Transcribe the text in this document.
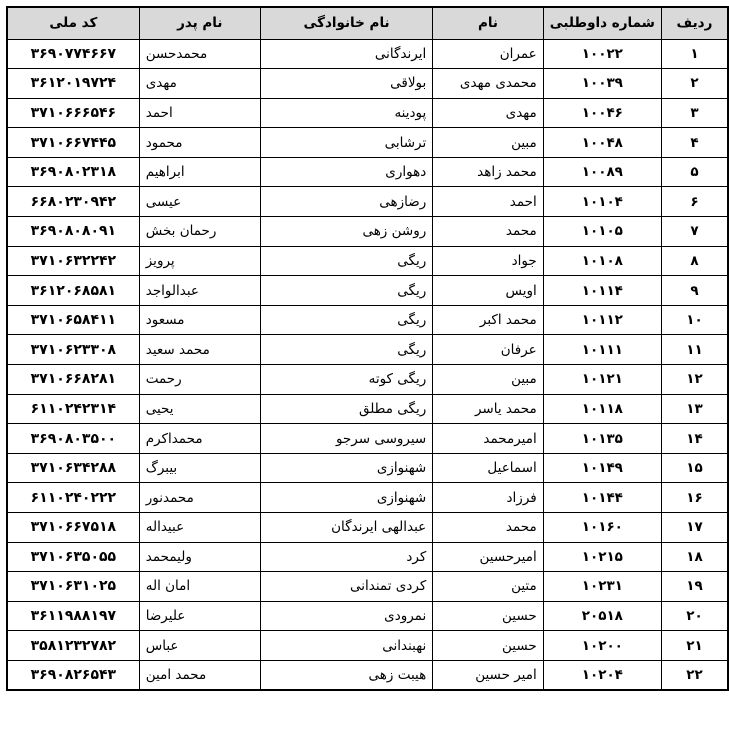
ردیف	شماره داوطلبی	نام	نام خانوادگی	نام پدر	کد ملی
۱	۱۰۰۲۲	عمران	ایرندگانی	محمدحسن	۳۶۹۰۷۷۴۶۶۷
۲	۱۰۰۳۹	محمدی مهدی	بولاقی	مهدی	۳۶۱۲۰۱۹۷۲۴
۳	۱۰۰۴۶	مهدی	پودینه	احمد	۳۷۱۰۶۶۶۵۴۶
۴	۱۰۰۴۸	مبین	ترشابی	محمود	۳۷۱۰۶۶۷۴۴۵
۵	۱۰۰۸۹	محمد زاهد	دهواری	ابراهیم	۳۶۹۰۸۰۲۳۱۸
۶	۱۰۱۰۴	احمد	رضازهی	عیسی	۶۶۸۰۲۳۰۹۴۲
۷	۱۰۱۰۵	محمد	روشن زهی	رحمان بخش	۳۶۹۰۸۰۸۰۹۱
۸	۱۰۱۰۸	جواد	ریگی	پرویز	۳۷۱۰۶۳۲۲۴۲
۹	۱۰۱۱۴	اویس	ریگی	عبدالواجد	۳۶۱۲۰۶۸۵۸۱
۱۰	۱۰۱۱۲	محمد اکبر	ریگی	مسعود	۳۷۱۰۶۵۸۴۱۱
۱۱	۱۰۱۱۱	عرفان	ریگی	محمد سعید	۳۷۱۰۶۲۳۳۰۸
۱۲	۱۰۱۲۱	مبین	ریگی کوته	رحمت	۳۷۱۰۶۶۸۲۸۱
۱۳	۱۰۱۱۸	محمد یاسر	ریگی مطلق	یحیی	۶۱۱۰۲۴۲۳۱۴
۱۴	۱۰۱۳۵	امیرمحمد	سیروسی سرجو	محمداکرم	۳۶۹۰۸۰۳۵۰۰
۱۵	۱۰۱۴۹	اسماعیل	شهنوازی	بیبرگ	۳۷۱۰۶۳۴۲۸۸
۱۶	۱۰۱۴۴	فرزاد	شهنوازی	محمدنور	۶۱۱۰۲۴۰۲۲۲
۱۷	۱۰۱۶۰	محمد	عبدالهی ایرندگان	عبیداله	۳۷۱۰۶۶۷۵۱۸
۱۸	۱۰۲۱۵	امیرحسین	کرد	ولیمحمد	۳۷۱۰۶۳۵۰۵۵
۱۹	۱۰۲۳۱	متین	کردی تمندانی	امان اله	۳۷۱۰۶۳۱۰۲۵
۲۰	۲۰۵۱۸	حسین	نمرودی	علیرضا	۳۶۱۱۹۸۸۱۹۷
۲۱	۱۰۲۰۰	حسین	نهبندانی	عباس	۳۵۸۱۲۳۲۷۸۲
۲۲	۱۰۲۰۴	امیر حسین	هیبت زهی	محمد امین	۳۶۹۰۸۲۶۵۴۳
